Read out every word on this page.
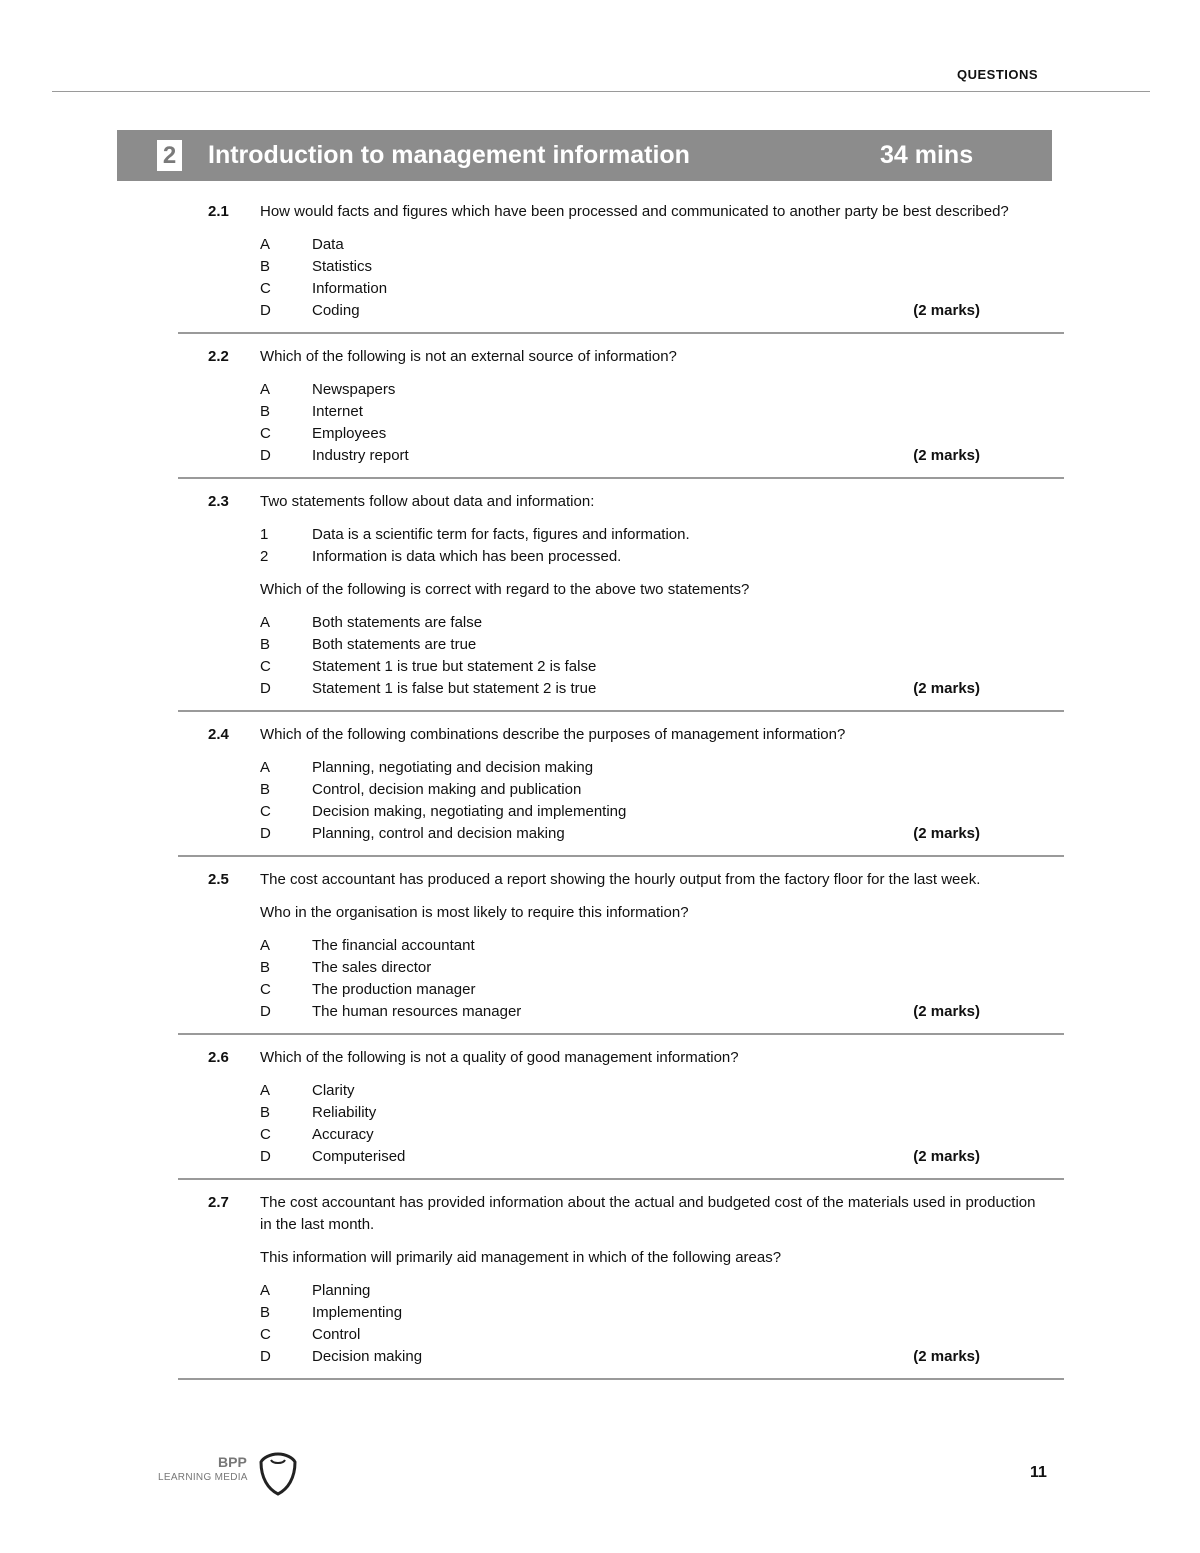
QUESTIONS
2 Introduction to management information	34 mins
2.1 How would facts and figures which have been processed and communicated to another party be best described?

A	Data
B	Statistics
C	Information
D	Coding	(2 marks)
2.2 Which of the following is not an external source of information?

A	Newspapers
B	Internet
C	Employees
D	Industry report	(2 marks)
2.3 Two statements follow about data and information:

1	Data is a scientific term for facts, figures and information.
2	Information is data which has been processed.

Which of the following is correct with regard to the above two statements?

A	Both statements are false
B	Both statements are true
C	Statement 1 is true but statement 2 is false
D	Statement 1 is false but statement 2 is true	(2 marks)
2.4 Which of the following combinations describe the purposes of management information?

A	Planning, negotiating and decision making
B	Control, decision making and publication
C	Decision making, negotiating and implementing
D	Planning, control and decision making	(2 marks)
2.5 The cost accountant has produced a report showing the hourly output from the factory floor for the last week.

Who in the organisation is most likely to require this information?

A	The financial accountant
B	The sales director
C	The production manager
D	The human resources manager	(2 marks)
2.6 Which of the following is not a quality of good management information?

A	Clarity
B	Reliability
C	Accuracy
D	Computerised	(2 marks)
2.7 The cost accountant has provided information about the actual and budgeted cost of the materials used in production in the last month.

This information will primarily aid management in which of the following areas?

A	Planning
B	Implementing
C	Control
D	Decision making	(2 marks)
BPP
LEARNING MEDIA	11
